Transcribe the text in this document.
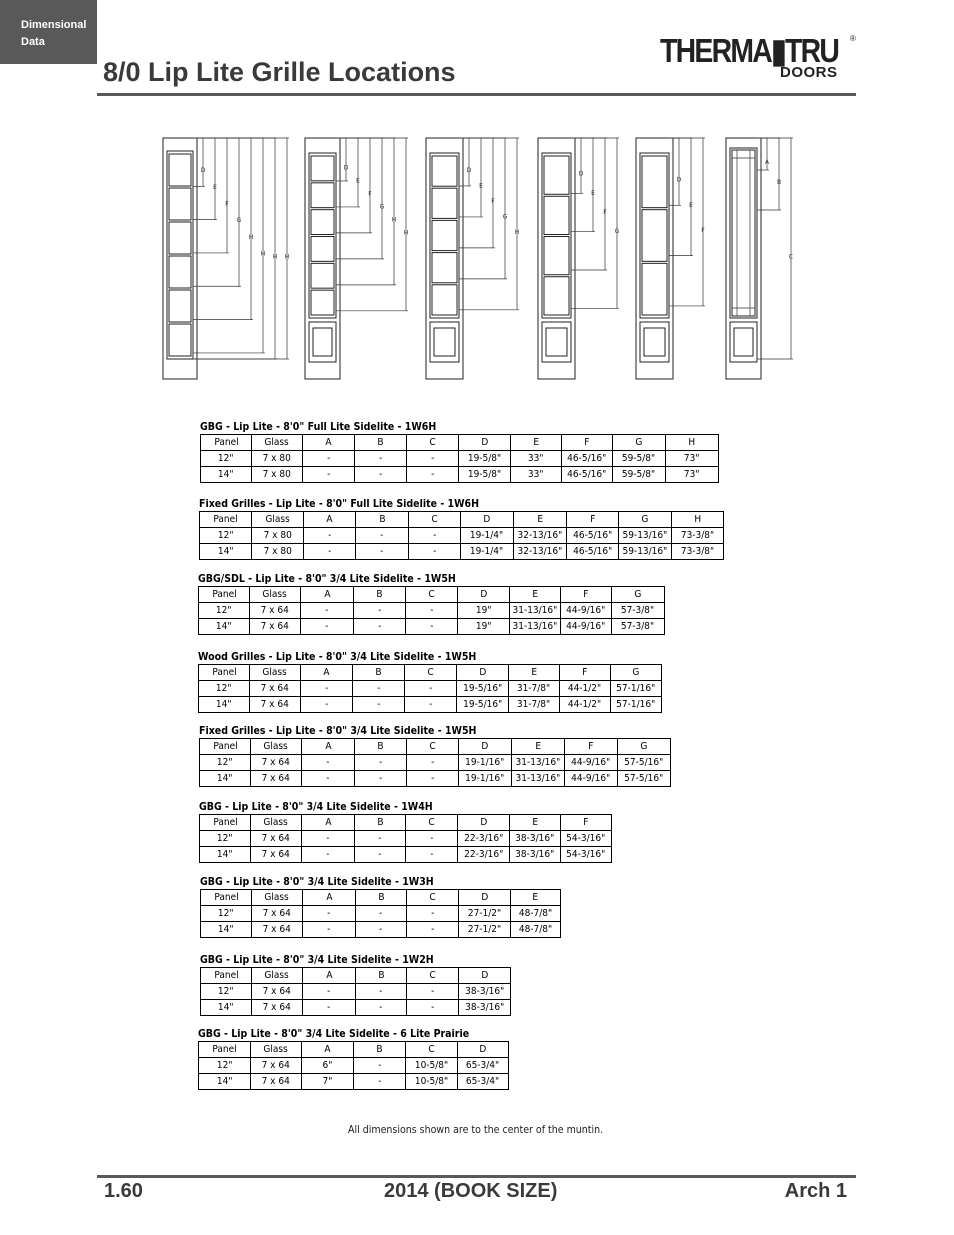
Dimensional
Data
8/0 Lip Lite Grille Locations
THERMA▮TRU ®
DOORS
D
E
F
G
H
H H H
D
E
F
G
H
H
D
E
F
G
H
D
E
F
G
D
E
F
A
B
C
GBG - Lip Lite - 8'0" Full Lite Sidelite - 1W6H
Panel	Glass	A	B	C	D	E	F	G	H
12"	7 x 80	-	-	-	19-5/8"	33"	46-5/16"	59-5/8"	73"
14"	7 x 80	-	-	-	19-5/8"	33"	46-5/16"	59-5/8"	73"
Fixed Grilles - Lip Lite - 8'0" Full Lite Sidelite - 1W6H
Panel	Glass	A	B	C	D	E	F	G	H
12"	7 x 80	-	-	-	19-1/4"	32-13/16"	46-5/16"	59-13/16"	73-3/8"
14"	7 x 80	-	-	-	19-1/4"	32-13/16"	46-5/16"	59-13/16"	73-3/8"
GBG/SDL - Lip Lite - 8'0" 3/4 Lite Sidelite - 1W5H
Panel	Glass	A	B	C	D	E	F	G
12"	7 x 64	-	-	-	19"	31-13/16"	44-9/16"	57-3/8"
14"	7 x 64	-	-	-	19"	31-13/16"	44-9/16"	57-3/8"
Wood Grilles - Lip Lite - 8'0" 3/4 Lite Sidelite - 1W5H
Panel	Glass	A	B	C	D	E	F	G
12"	7 x 64	-	-	-	19-5/16"	31-7/8"	44-1/2"	57-1/16"
14"	7 x 64	-	-	-	19-5/16"	31-7/8"	44-1/2"	57-1/16"
Fixed Grilles - Lip Lite - 8'0" 3/4 Lite Sidelite - 1W5H
Panel	Glass	A	B	C	D	E	F	G
12"	7 x 64	-	-	-	19-1/16"	31-13/16"	44-9/16"	57-5/16"
14"	7 x 64	-	-	-	19-1/16"	31-13/16"	44-9/16"	57-5/16"
GBG - Lip Lite - 8'0" 3/4 Lite Sidelite - 1W4H
Panel	Glass	A	B	C	D	E	F
12"	7 x 64	-	-	-	22-3/16"	38-3/16"	54-3/16"
14"	7 x 64	-	-	-	22-3/16"	38-3/16"	54-3/16"
GBG - Lip Lite - 8'0" 3/4 Lite Sidelite - 1W3H
Panel	Glass	A	B	C	D	E
12"	7 x 64	-	-	-	27-1/2"	48-7/8"
14"	7 x 64	-	-	-	27-1/2"	48-7/8"
GBG - Lip Lite - 8'0" 3/4 Lite Sidelite - 1W2H
Panel	Glass	A	B	C	D
12"	7 x 64	-	-	-	38-3/16"
14"	7 x 64	-	-	-	38-3/16"
GBG - Lip Lite - 8'0" 3/4 Lite Sidelite - 6 Lite Prairie
Panel	Glass	A	B	C	D
12"	7 x 64	6"	-	10-5/8"	65-3/4"
14"	7 x 64	7"	-	10-5/8"	65-3/4"
All dimensions shown are to the center of the muntin.
1.60	2014 (BOOK SIZE)	Arch 1
